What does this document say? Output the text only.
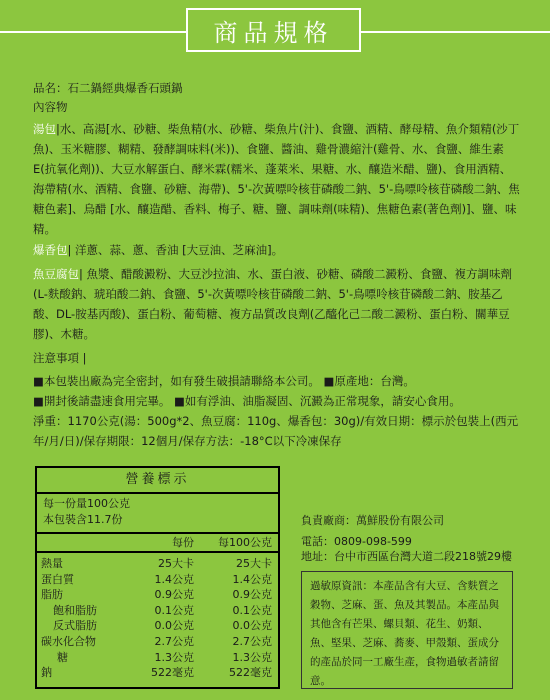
商品規格
品名：石二鍋經典爆香石頭鍋
內容物
湯包|水、高湯[水、砂糖、柴魚精(水、砂糖、柴魚片(汁)、食鹽、酒精、酵母精、魚介類精(沙丁魚)、玉米糖膠、糊精、發酵調味料(米))、食鹽、醬油、雞骨濃縮汁(雞骨、水、食鹽、維生素E(抗氧化劑))、大豆水解蛋白、酵米霖(糯米、蓬萊米、果糖、水、釀造米醋、鹽)、食用酒精、海帶精(水、酒精、食鹽、砂糖、海帶)、5'-次黃嘌呤核苷磷酸二鈉、5'-鳥嘌呤核苷磷酸二鈉、焦糖色素]、烏醋 [水、釀造醋、香料、梅子、糖、鹽、調味劑(味精)、焦糖色素(著色劑)]、鹽、味精。
爆香包| 洋蔥、蒜、蔥、香油 [大豆油、芝麻油]。
魚豆腐包| 魚漿、醋酸澱粉、大豆沙拉油、水、蛋白液、砂糖、磷酸二澱粉、食鹽、複方調味劑(L-麩酸鈉、琥珀酸二鈉、食鹽、5'-次黃嘌呤核苷磷酸二鈉、5'-鳥嘌呤核苷磷酸二鈉、胺基乙酸、DL-胺基丙酸)、蛋白粉、葡萄糖、複方品質改良劑(乙醯化己二酸二澱粉、蛋白粉、關華豆膠)、木糖。
注意事項 |
■本包裝出廠為完全密封，如有發生破損請聯絡本公司。 ■原產地：台灣。
■開封後請盡速食用完畢。 ■如有浮油、油脂凝固、沉澱為正常現象，請安心食用。
淨重：1170公克(湯：500g*2、魚豆腐：110g、爆香包：30g)/有效日期：標示於包裝上(西元年/月/日)/保存期限：12個月/保存方法：-18°C以下冷凍保存
營養標示
每一份量100公克
本包裝含11.7份
每份	每100公克
熱量	25大卡	25大卡
蛋白質	1.4公克	1.4公克
脂肪	0.9公克	0.9公克
飽和脂肪	0.1公克	0.1公克
反式脂肪	0.0公克	0.0公克
碳水化合物	2.7公克	2.7公克
糖	1.3公克	1.3公克
鈉	522毫克	522毫克
負責廠商：萬鮮股份有限公司
電話：0809-098-599
地址：台中市西區台灣大道二段218號29樓
過敏原資訊：本產品含有大豆、含麩質之穀物、芝麻、蛋、魚及其製品。本產品與其他含有芒果、螺貝類、花生、奶類、魚、堅果、芝麻、蕎麥、甲殼類、蛋成分的產品於同一工廠生產，食物過敏者請留意。
